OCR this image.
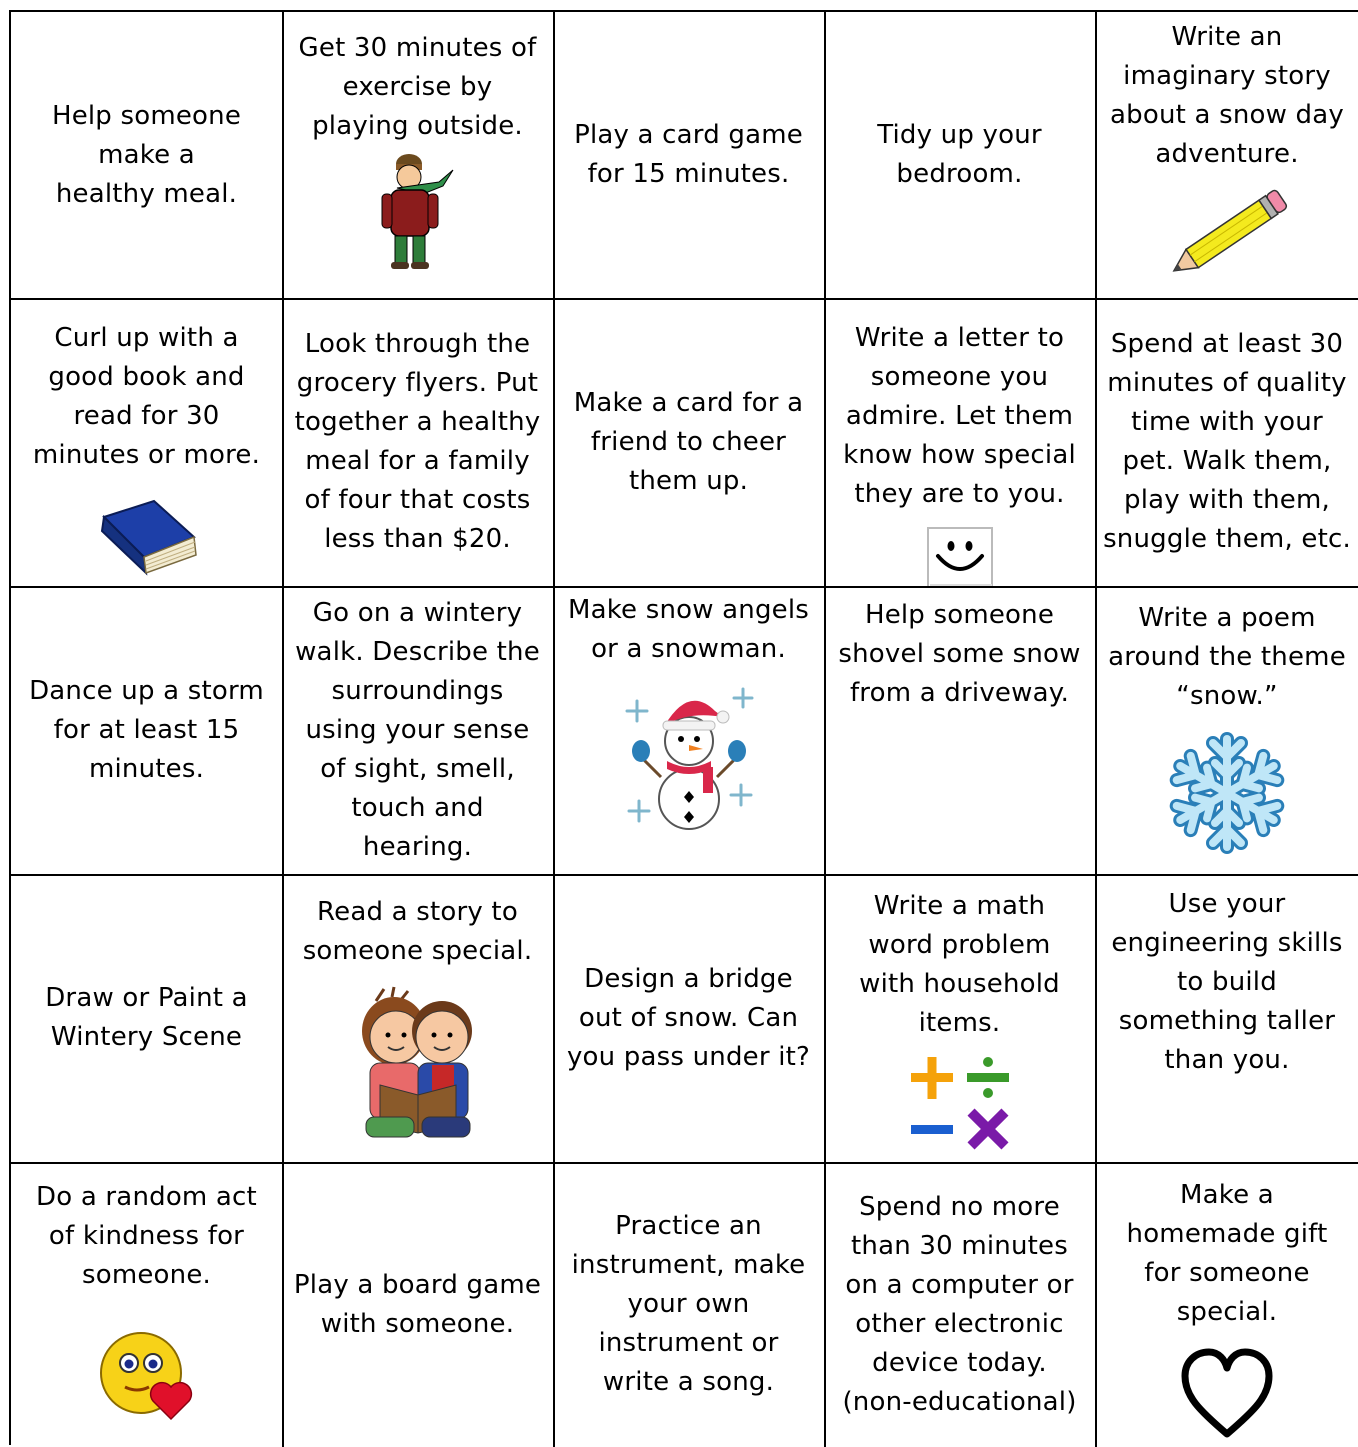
Help someone
make a
healthy meal.
Get 30 minutes of
exercise by
playing outside.	Play a card game
for 15 minutes.
Tidy up your
bedroom.
Write an
imaginary story
about a snow day
adventure.
Curl up with a
good book and
read for 30
minutes or more.
Look through the
grocery flyers. Put
together a healthy
meal for a family
of four that costs
less than $20.
Make a card for a
friend to cheer
them up.
Write a letter to
someone you
admire. Let them
know how special
they are to you.
Spend at least 30
minutes of quality
time with your
pet. Walk them,
play with them,
snuggle them, etc.
Dance up a storm
for at least 15
minutes.
Go on a wintery
walk. Describe the
surroundings
using your sense
of sight, smell,
touch and
hearing.
Make snow angels
or a snowman.
Help someone
shovel some snow
from a driveway.
Write a poem
around the theme
“snow.”
Draw or Paint a
Wintery Scene
Read a story to
someone special.
Design a bridge
out of snow. Can
you pass under it?
Write a math
word problem
with household
items.
Use your
engineering skills
to build
something taller
than you.
Do a random act
of kindness for
someone.	Play a board game
with someone.
Practice an
instrument, make
your own
instrument or
write a song.
Spend no more
than 30 minutes
on a computer or
other electronic
device today.
(non-educational)
Make a
homemade gift
for someone
special.
